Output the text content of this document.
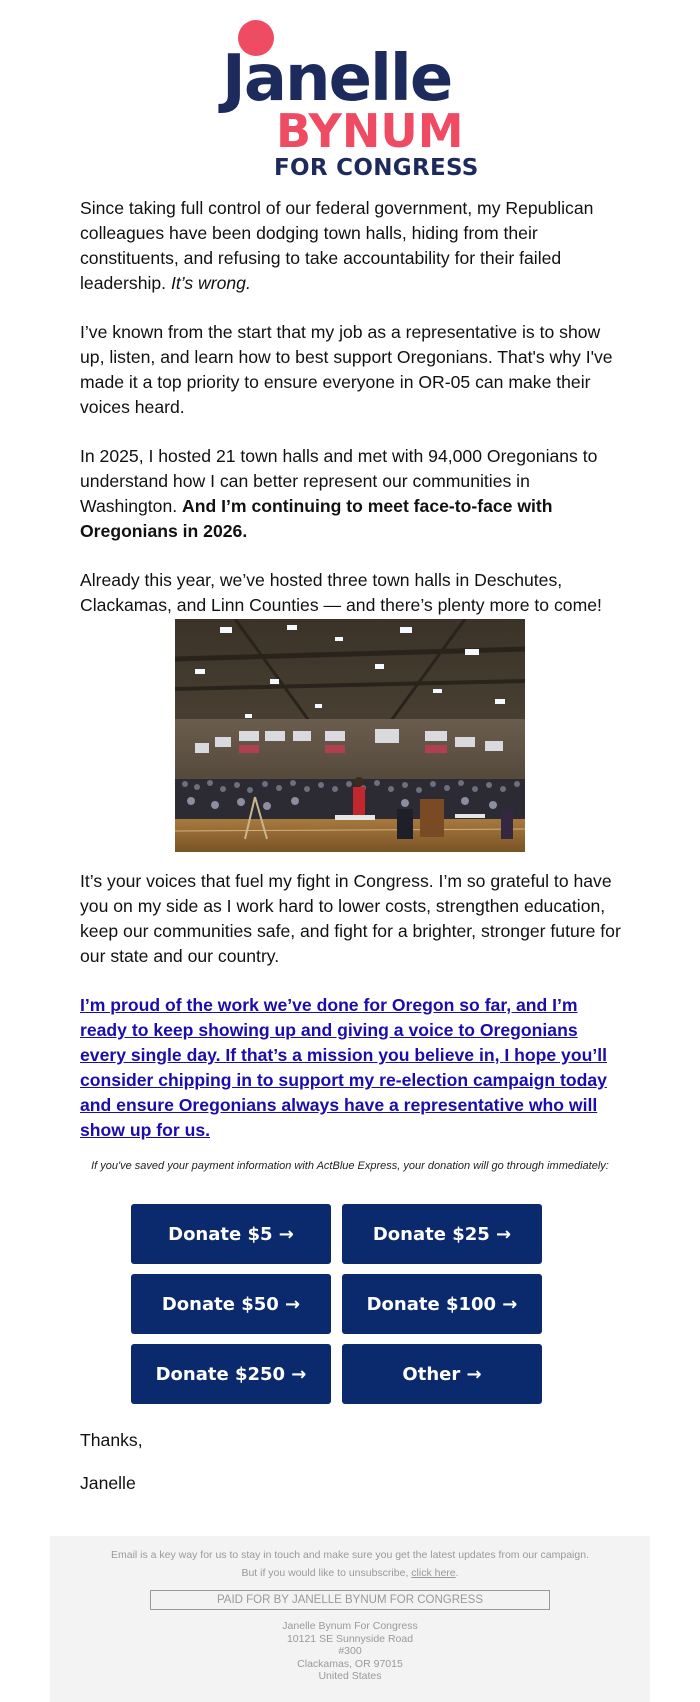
Janelle
BYNUM
FOR CONGRESS

Since taking full control of our federal government, my Republican colleagues have been dodging town halls, hiding from their constituents, and refusing to take accountability for their failed leadership. It’s wrong.

I’ve known from the start that my job as a representative is to show up, listen, and learn how to best support Oregonians. That's why I've made it a top priority to ensure everyone in OR-05 can make their voices heard.

In 2025, I hosted 21 town halls and met with 94,000 Oregonians to understand how I can better represent our communities in Washington. And I’m continuing to meet face-to-face with Oregonians in 2026.

Already this year, we’ve hosted three town halls in Deschutes, Clackamas, and Linn Counties — and there’s plenty more to come!

It’s your voices that fuel my fight in Congress. I’m so grateful to have you on my side as I work hard to lower costs, strengthen education, keep our communities safe, and fight for a brighter, stronger future for our state and our country.

I’m proud of the work we’ve done for Oregon so far, and I’m ready to keep showing up and giving a voice to Oregonians every single day. If that’s a mission you believe in, I hope you’ll consider chipping in to support my re-election campaign today and ensure Oregonians always have a representative who will show up for us.
If you've saved your payment information with ActBlue Express, your donation will go through immediately:
Donate $5 →	Donate $25 →
Donate $50 →	Donate $100 →
Donate $250 →	Other →
Thanks,
Janelle
Email is a key way for us to stay in touch and make sure you get the latest updates from our campaign.
But if you would like to unsubscribe, click here.
PAID FOR BY JANELLE BYNUM FOR CONGRESS
Janelle Bynum For Congress
10121 SE Sunnyside Road
#300
Clackamas, OR 97015
United States
